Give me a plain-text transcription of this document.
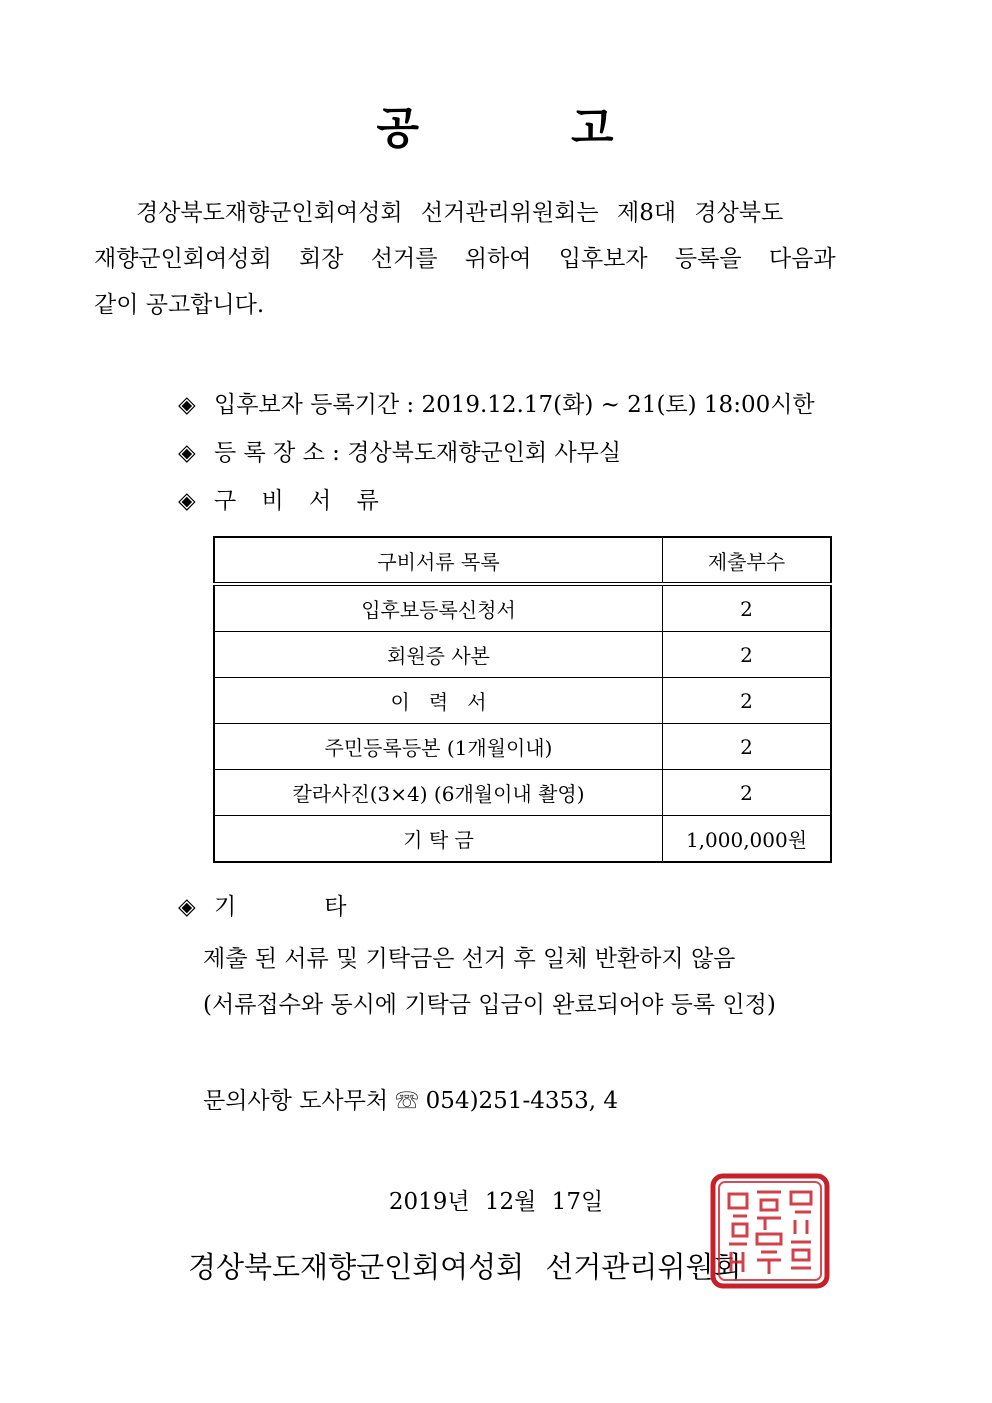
공	고
경상북도재향군인회여성회 선거관리위원회는 제8대 경상북도
재향군인회여성회 회장 선거를 위하여 입후보자 등록을 다음과
같이 공고합니다.
◈ 입후보자 등록기간 : 2019.12.17(화) ~ 21(토) 18:00시한
◈ 등 록 장 소 : 경상북도재향군인회 사무실
◈ 구 비 서 류
구비서류 목록	제출부수
입후보등록신청서	2
회원증 사본	2
이   력   서	2
주민등록등본 (1개월이내)	2
칼라사진(3×4) (6개월이내 촬영)	2
기 탁 금	1,000,000원
◈ 기	타
제출 된 서류 및 기탁금은 선거 후 일체 반환하지 않음
(서류접수와 동시에 기탁금 입금이 완료되어야 등록 인정)
문의사항 도사무처 ☏ 054)251-4353, 4
2019년 12월 17일
경상북도재향군인회여성회 선거관리위원회
